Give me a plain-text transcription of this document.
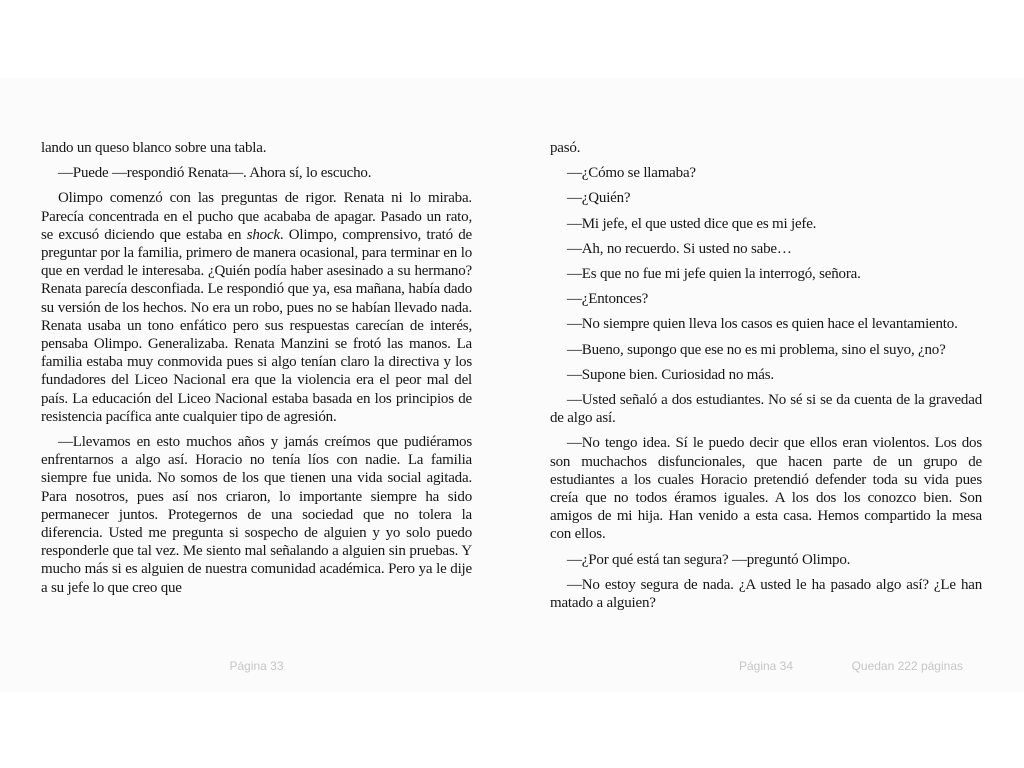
lando un queso blanco sobre una tabla.

—Puede —respondió Renata—. Ahora sí, lo escucho.

Olimpo comenzó con las preguntas de rigor. Renata ni lo miraba. Parecía concentrada en el pucho que acababa de apagar. Pasado un rato, se excusó diciendo que estaba en shock. Olimpo, comprensivo, trató de preguntar por la familia, primero de manera ocasional, para terminar en lo que en verdad le interesaba. ¿Quién podía haber asesinado a su hermano? Renata parecía desconfiada. Le respondió que ya, esa mañana, había dado su versión de los hechos. No era un robo, pues no se habían llevado nada. Renata usaba un tono enfático pero sus respuestas carecían de interés, pensaba Olimpo. Generalizaba. Renata Manzini se frotó las manos. La familia estaba muy conmovida pues si algo tenían claro la directiva y los fundadores del Liceo Nacional era que la violencia era el peor mal del país. La educación del Liceo Nacional estaba basada en los principios de resistencia pacífica ante cualquier tipo de agresión.

—Llevamos en esto muchos años y jamás creímos que pudiéramos enfrentarnos a algo así. Horacio no tenía líos con nadie. La familia siempre fue unida. No somos de los que tienen una vida social agitada. Para nosotros, pues así nos criaron, lo importante siempre ha sido permanecer juntos. Protegernos de una sociedad que no tolera la diferencia. Usted me pregunta si sospecho de alguien y yo solo puedo responderle que tal vez. Me siento mal señalando a alguien sin pruebas. Y mucho más si es alguien de nuestra comunidad académica. Pero ya le dije a su jefe lo que creo que

pasó.

—¿Cómo se llamaba?

—¿Quién?

—Mi jefe, el que usted dice que es mi jefe.

—Ah, no recuerdo. Si usted no sabe…

—Es que no fue mi jefe quien la interrogó, señora.

—¿Entonces?

—No siempre quien lleva los casos es quien hace el levantamiento.

—Bueno, supongo que ese no es mi problema, sino el suyo, ¿no?

—Supone bien. Curiosidad no más.

—Usted señaló a dos estudiantes. No sé si se da cuenta de la gravedad de algo así.

—No tengo idea. Sí le puedo decir que ellos eran violentos. Los dos son muchachos disfuncionales, que hacen parte de un grupo de estudiantes a los cuales Horacio pretendió defender toda su vida pues creía que no todos éramos iguales. A los dos los conozco bien. Son amigos de mi hija. Han venido a esta casa. Hemos compartido la mesa con ellos.

—¿Por qué está tan segura? —preguntó Olimpo.

—No estoy segura de nada. ¿A usted le ha pasado algo así? ¿Le han matado a alguien?

Página 33	Página 34	Quedan 222 páginas
